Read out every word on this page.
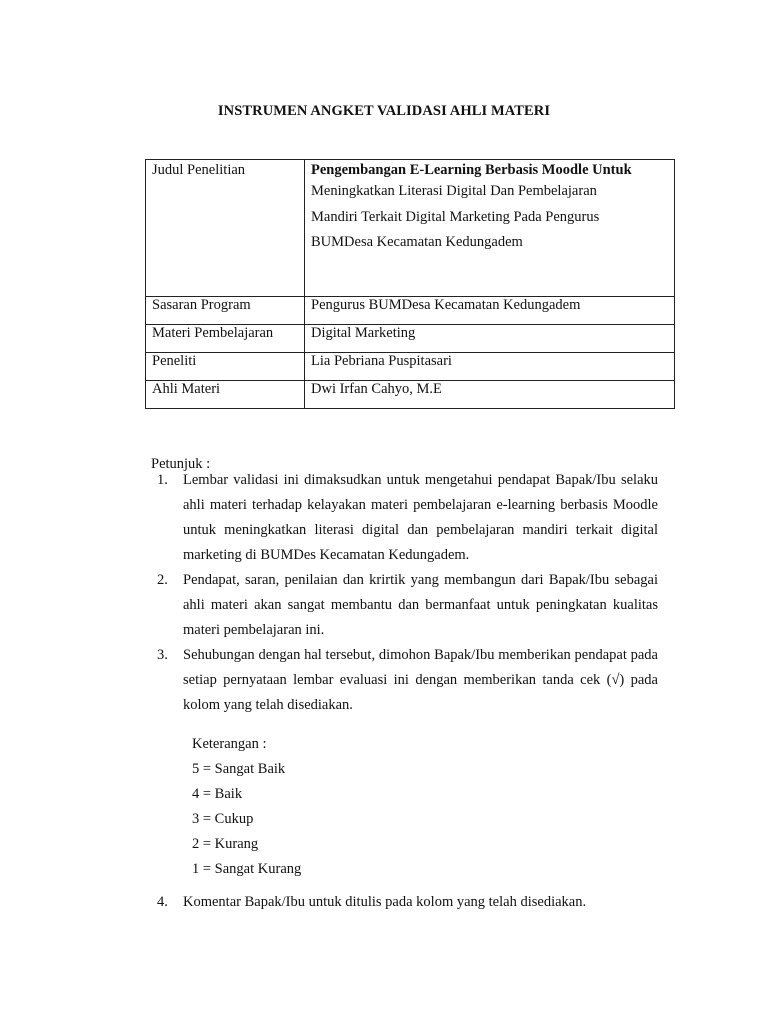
INSTRUMEN ANGKET VALIDASI AHLI MATERI
Judul Penelitian	Pengembangan E-Learning Berbasis Moodle Untuk
Meningkatkan Literasi Digital Dan Pembelajaran
Mandiri Terkait Digital Marketing Pada Pengurus
BUMDesa Kecamatan Kedungadem

Sasaran Program	Pengurus BUMDesa Kecamatan Kedungadem
Materi Pembelajaran	Digital Marketing
Peneliti	Lia Pebriana Puspitasari
Ahli Materi	Dwi Irfan Cahyo, M.E
Petunjuk :
1.	Lembar validasi ini dimaksudkan untuk mengetahui pendapat Bapak/Ibu selaku ahli materi terhadap kelayakan materi pembelajaran e-learning berbasis Moodle untuk meningkatkan literasi digital dan pembelajaran mandiri terkait digital marketing di BUMDes Kecamatan Kedungadem.
2.	Pendapat, saran, penilaian dan krirtik yang membangun dari Bapak/Ibu sebagai ahli materi akan sangat membantu dan bermanfaat untuk peningkatan kualitas materi pembelajaran ini.
3.	Sehubungan dengan hal tersebut, dimohon Bapak/Ibu memberikan pendapat pada setiap pernyataan lembar evaluasi ini dengan memberikan tanda cek (√) pada kolom yang telah disediakan.
Keterangan :
5 = Sangat Baik
4 = Baik
3 = Cukup
2 = Kurang
1 = Sangat Kurang
4.	Komentar Bapak/Ibu untuk ditulis pada kolom yang telah disediakan.
